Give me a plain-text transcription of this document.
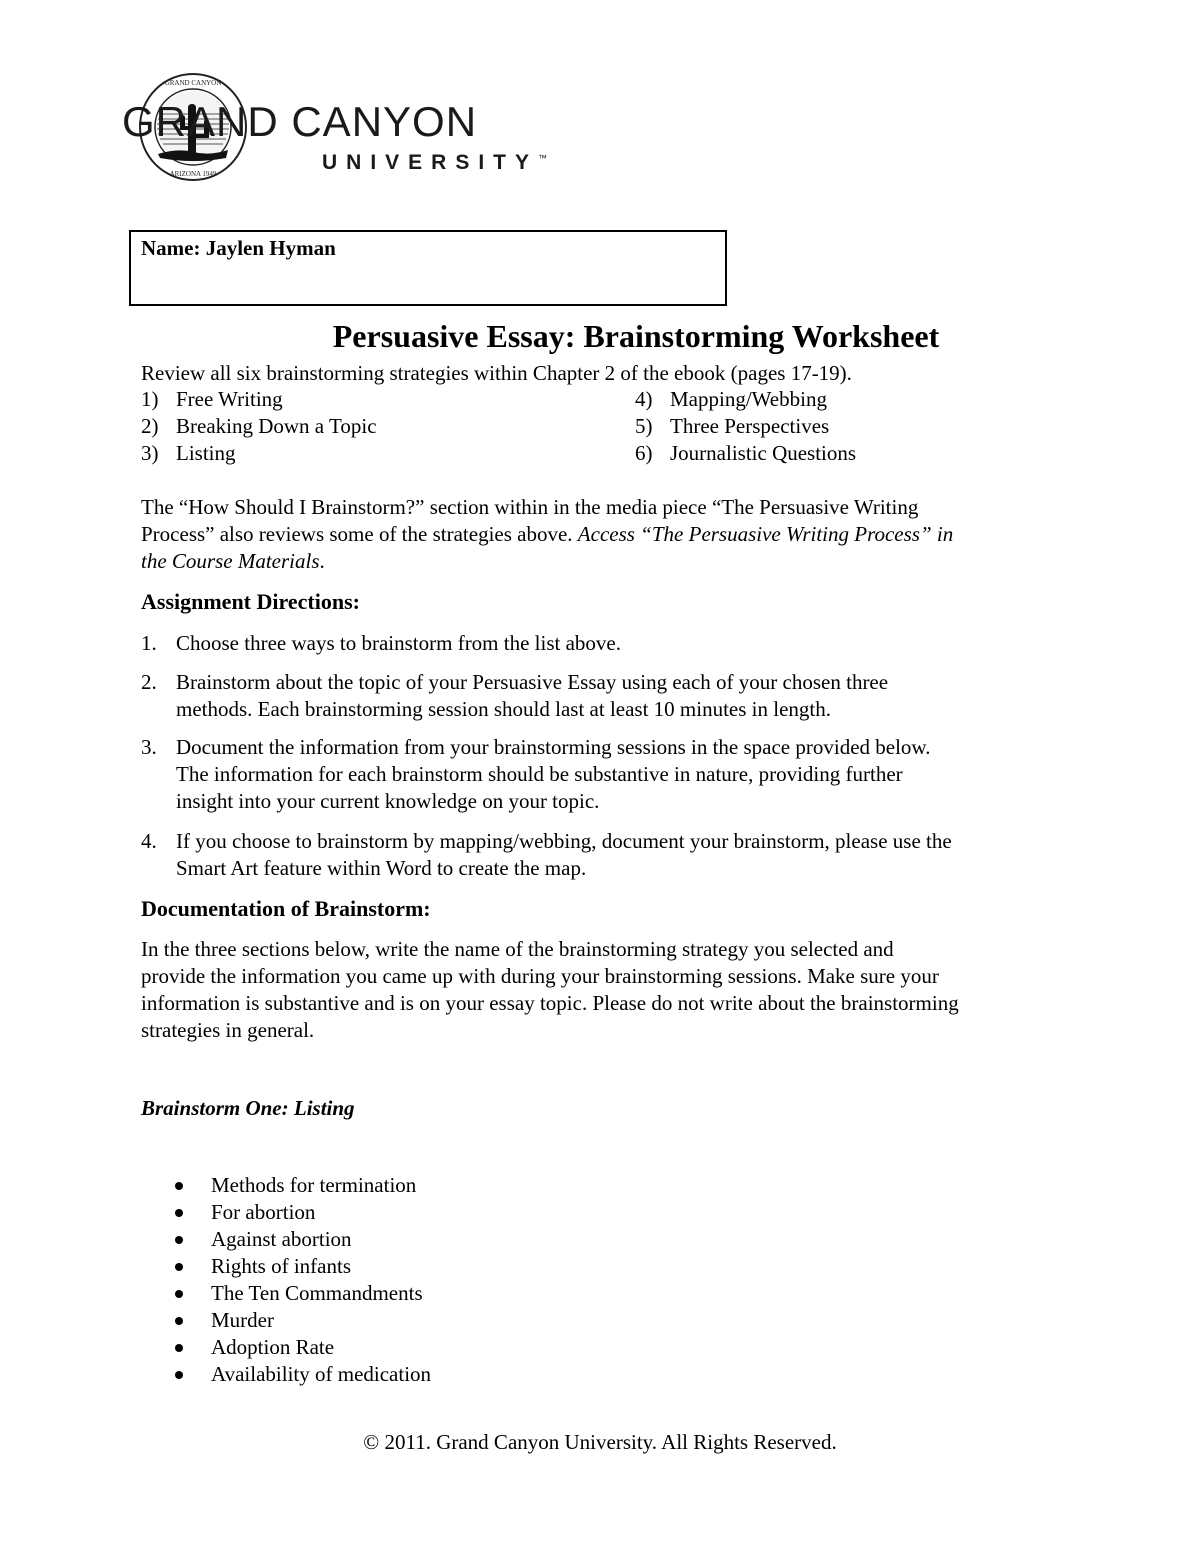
GRAND CANYON
ARIZONA 1949
GRAND CANYON
UNIVERSITY™
Name: Jaylen Hyman
Persuasive Essay: Brainstorming Worksheet
Review all six brainstorming strategies within Chapter 2 of the ebook (pages 17-19).
1) Free Writing
2) Breaking Down a Topic
3) Listing
4) Mapping/Webbing
5) Three Perspectives
6) Journalistic Questions
The “How Should I Brainstorm?” section within in the media piece “The Persuasive Writing
Process” also reviews some of the strategies above. Access “The Persuasive Writing Process” in
the Course Materials.
Assignment Directions:
1. Choose three ways to brainstorm from the list above.
2. Brainstorm about the topic of your Persuasive Essay using each of your chosen three
methods. Each brainstorming session should last at least 10 minutes in length.
3. Document the information from your brainstorming sessions in the space provided below.
The information for each brainstorm should be substantive in nature, providing further
insight into your current knowledge on your topic.
4. If you choose to brainstorm by mapping/webbing, document your brainstorm, please use the
Smart Art feature within Word to create the map.
Documentation of Brainstorm:
In the three sections below, write the name of the brainstorming strategy you selected and
provide the information you came up with during your brainstorming sessions. Make sure your
information is substantive and is on your essay topic. Please do not write about the brainstorming
strategies in general.
Brainstorm One: Listing
Methods for termination
For abortion
Against abortion
Rights of infants
The Ten Commandments
Murder
Adoption Rate
Availability of medication
© 2011. Grand Canyon University. All Rights Reserved.
